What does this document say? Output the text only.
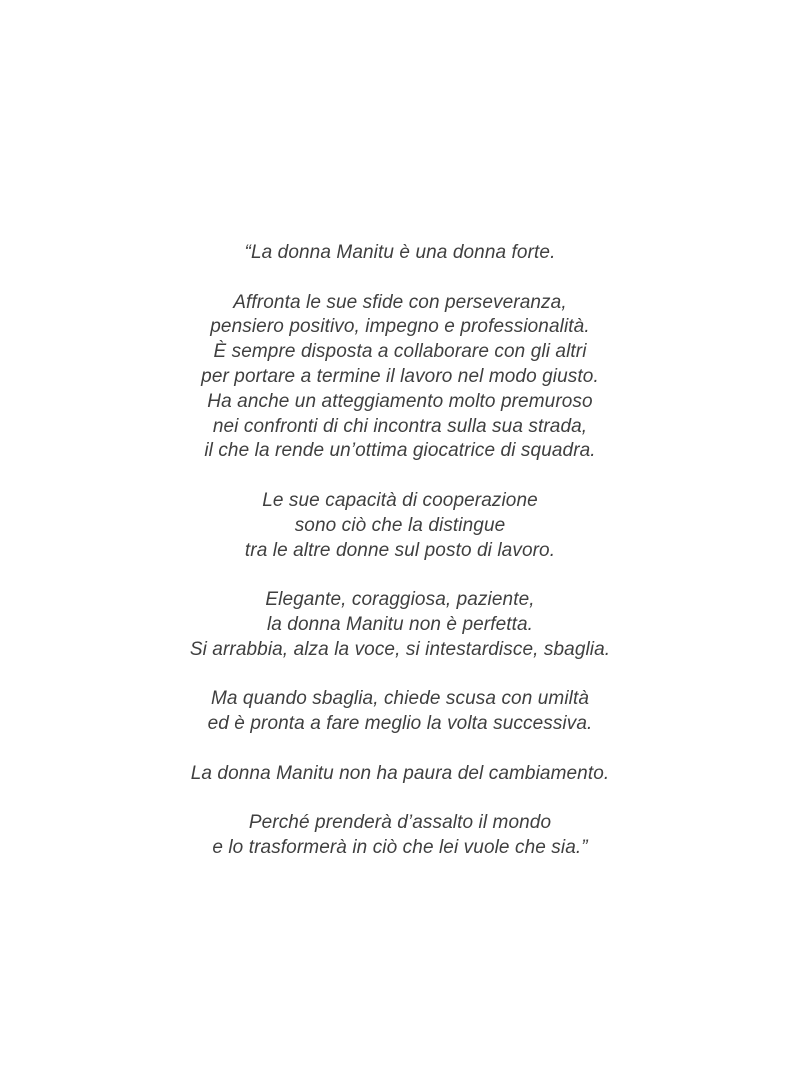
“La donna Manitu è una donna forte.

Affronta le sue sfide con perseveranza,
pensiero positivo, impegno e professionalità.
È sempre disposta a collaborare con gli altri
per portare a termine il lavoro nel modo giusto.
Ha anche un atteggiamento molto premuroso
nei confronti di chi incontra sulla sua strada,
il che la rende un’ottima giocatrice di squadra.

Le sue capacità di cooperazione
sono ciò che la distingue
tra le altre donne sul posto di lavoro.

Elegante, coraggiosa, paziente,
la donna Manitu non è perfetta.
Si arrabbia, alza la voce, si intestardisce, sbaglia.

Ma quando sbaglia, chiede scusa con umiltà
ed è pronta a fare meglio la volta successiva.

La donna Manitu non ha paura del cambiamento.

Perché prenderà d’assalto il mondo
e lo trasformerà in ciò che lei vuole che sia.”
